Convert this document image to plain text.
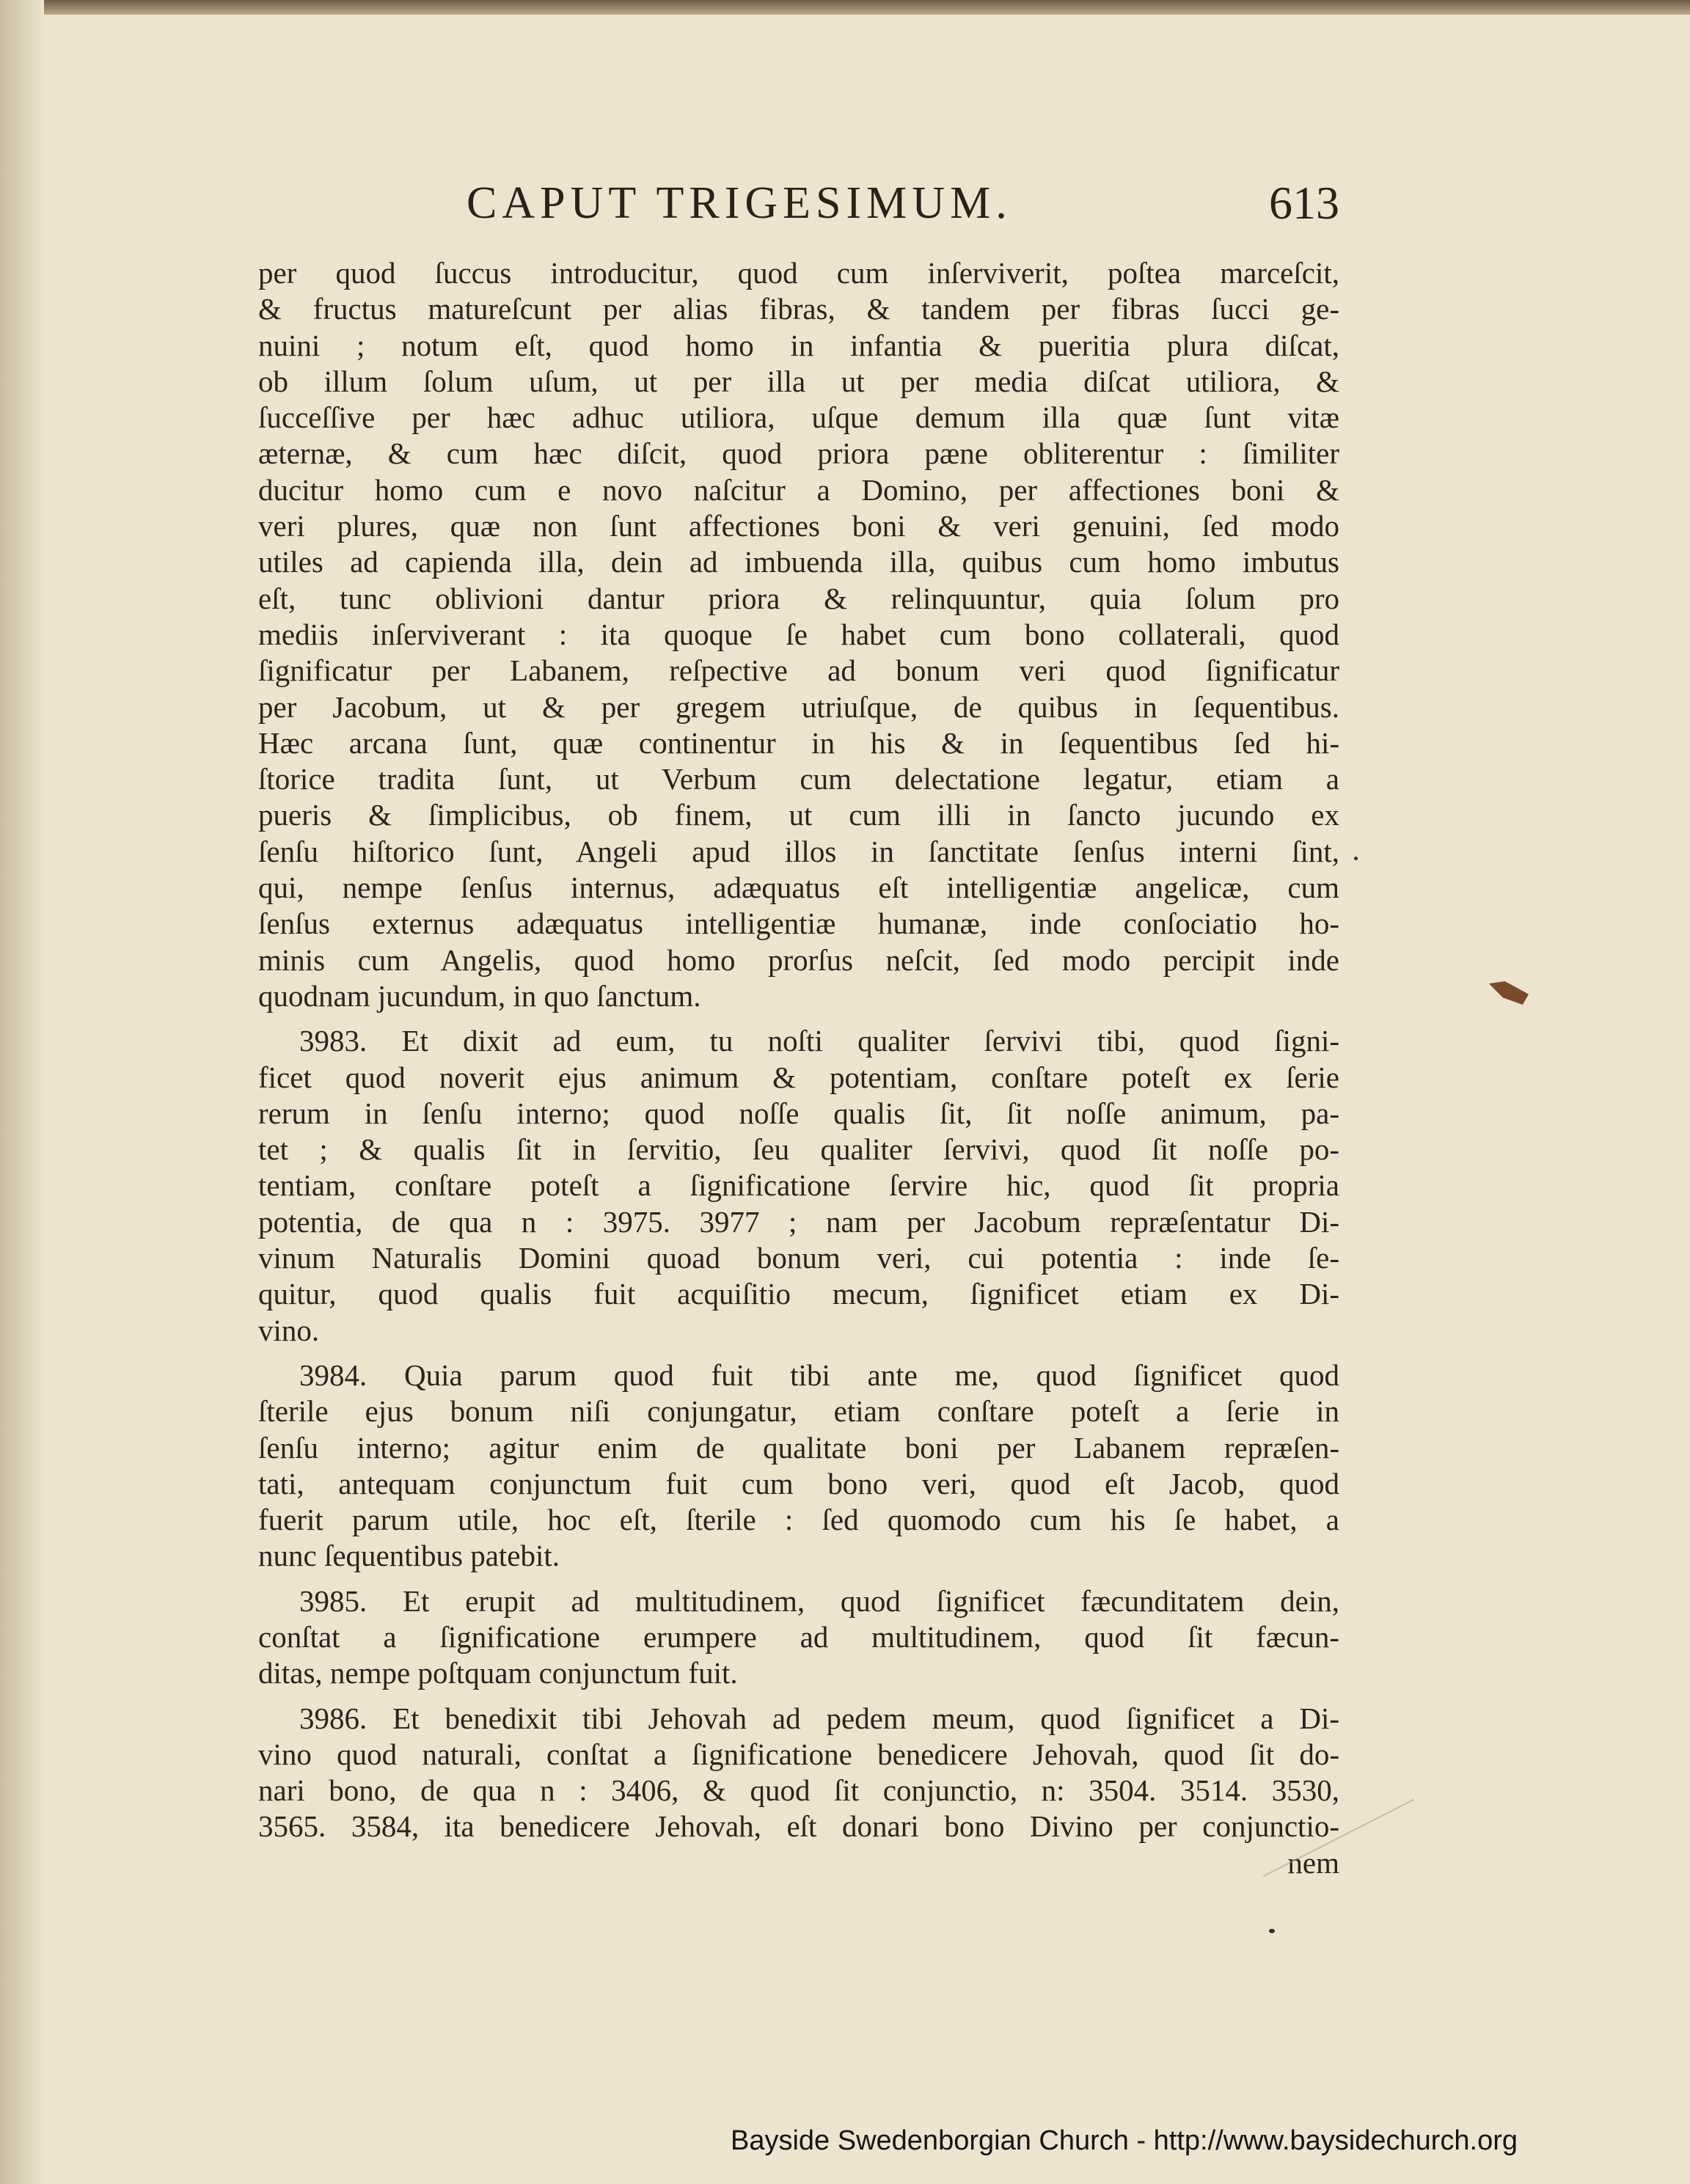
CAPUT TRIGESIMUM.	613
per quod ſuccus introducitur, quod cum inſerviverit, poſtea marceſcit,
& fructus matureſcunt per alias fibras, & tandem per fibras ſucci ge-
nuini ; notum eſt, quod homo in infantia & pueritia plura diſcat,
ob illum ſolum uſum, ut per illa ut per media diſcat utiliora, &
ſucceſſive per hæc adhuc utiliora, uſque demum illa quæ ſunt vitæ
æternæ, & cum hæc diſcit, quod priora pæne obliterentur : ſimiliter
ducitur homo cum e novo naſcitur a Domino, per affectiones boni &
veri plures, quæ non ſunt affectiones boni & veri genuini, ſed modo
utiles ad capienda illa, dein ad imbuenda illa, quibus cum homo imbutus
eſt, tunc oblivioni dantur priora & relinquuntur, quia ſolum pro
mediis inſerviverant : ita quoque ſe habet cum bono collaterali, quod
ſignificatur per Labanem, reſpective ad bonum veri quod ſignificatur
per Jacobum, ut & per gregem utriuſque, de quibus in ſequentibus.
Hæc arcana ſunt, quæ continentur in his & in ſequentibus ſed hi-
ſtorice tradita ſunt, ut Verbum cum delectatione legatur, etiam a
pueris & ſimplicibus, ob finem, ut cum illi in ſancto jucundo ex
ſenſu hiſtorico ſunt, Angeli apud illos in ſanctitate ſenſus interni ſint,
qui, nempe ſenſus internus, adæquatus eſt intelligentiæ angelicæ, cum
ſenſus externus adæquatus intelligentiæ humanæ, inde conſociatio ho-
minis cum Angelis, quod homo prorſus neſcit, ſed modo percipit inde
quodnam jucundum, in quo ſanctum.
3983. Et dixit ad eum, tu noſti qualiter ſervivi tibi, quod ſigni-
ficet quod noverit ejus animum & potentiam, conſtare poteſt ex ſerie
rerum in ſenſu interno; quod noſſe qualis ſit, ſit noſſe animum, pa-
tet ; & qualis ſit in ſervitio, ſeu qualiter ſervivi, quod ſit noſſe po-
tentiam, conſtare poteſt a ſignificatione ſervire hic, quod ſit propria
potentia, de qua n : 3975. 3977 ; nam per Jacobum repræſentatur Di-
vinum Naturalis Domini quoad bonum veri, cui potentia : inde ſe-
quitur, quod qualis fuit acquiſitio mecum, ſignificet etiam ex Di-
vino.
3984. Quia parum quod fuit tibi ante me, quod ſignificet quod
ſterile ejus bonum niſi conjungatur, etiam conſtare poteſt a ſerie in
ſenſu interno; agitur enim de qualitate boni per Labanem repræſen-
tati, antequam conjunctum fuit cum bono veri, quod eſt Jacob, quod
fuerit parum utile, hoc eſt, ſterile : ſed quomodo cum his ſe habet, a
nunc ſequentibus patebit.
3985. Et erupit ad multitudinem, quod ſignificet fæcunditatem dein,
conſtat a ſignificatione erumpere ad multitudinem, quod ſit fæcun-
ditas, nempe poſtquam conjunctum fuit.
3986. Et benedixit tibi Jehovah ad pedem meum, quod ſignificet a Di-
vino quod naturali, conſtat a ſignificatione benedicere Jehovah, quod ſit do-
nari bono, de qua n : 3406, & quod ſit conjunctio, n: 3504. 3514. 3530,
3565. 3584, ita benedicere Jehovah, eſt donari bono Divino per conjunctio-
nem
Bayside Swedenborgian Church - http://www.baysidechurch.org
